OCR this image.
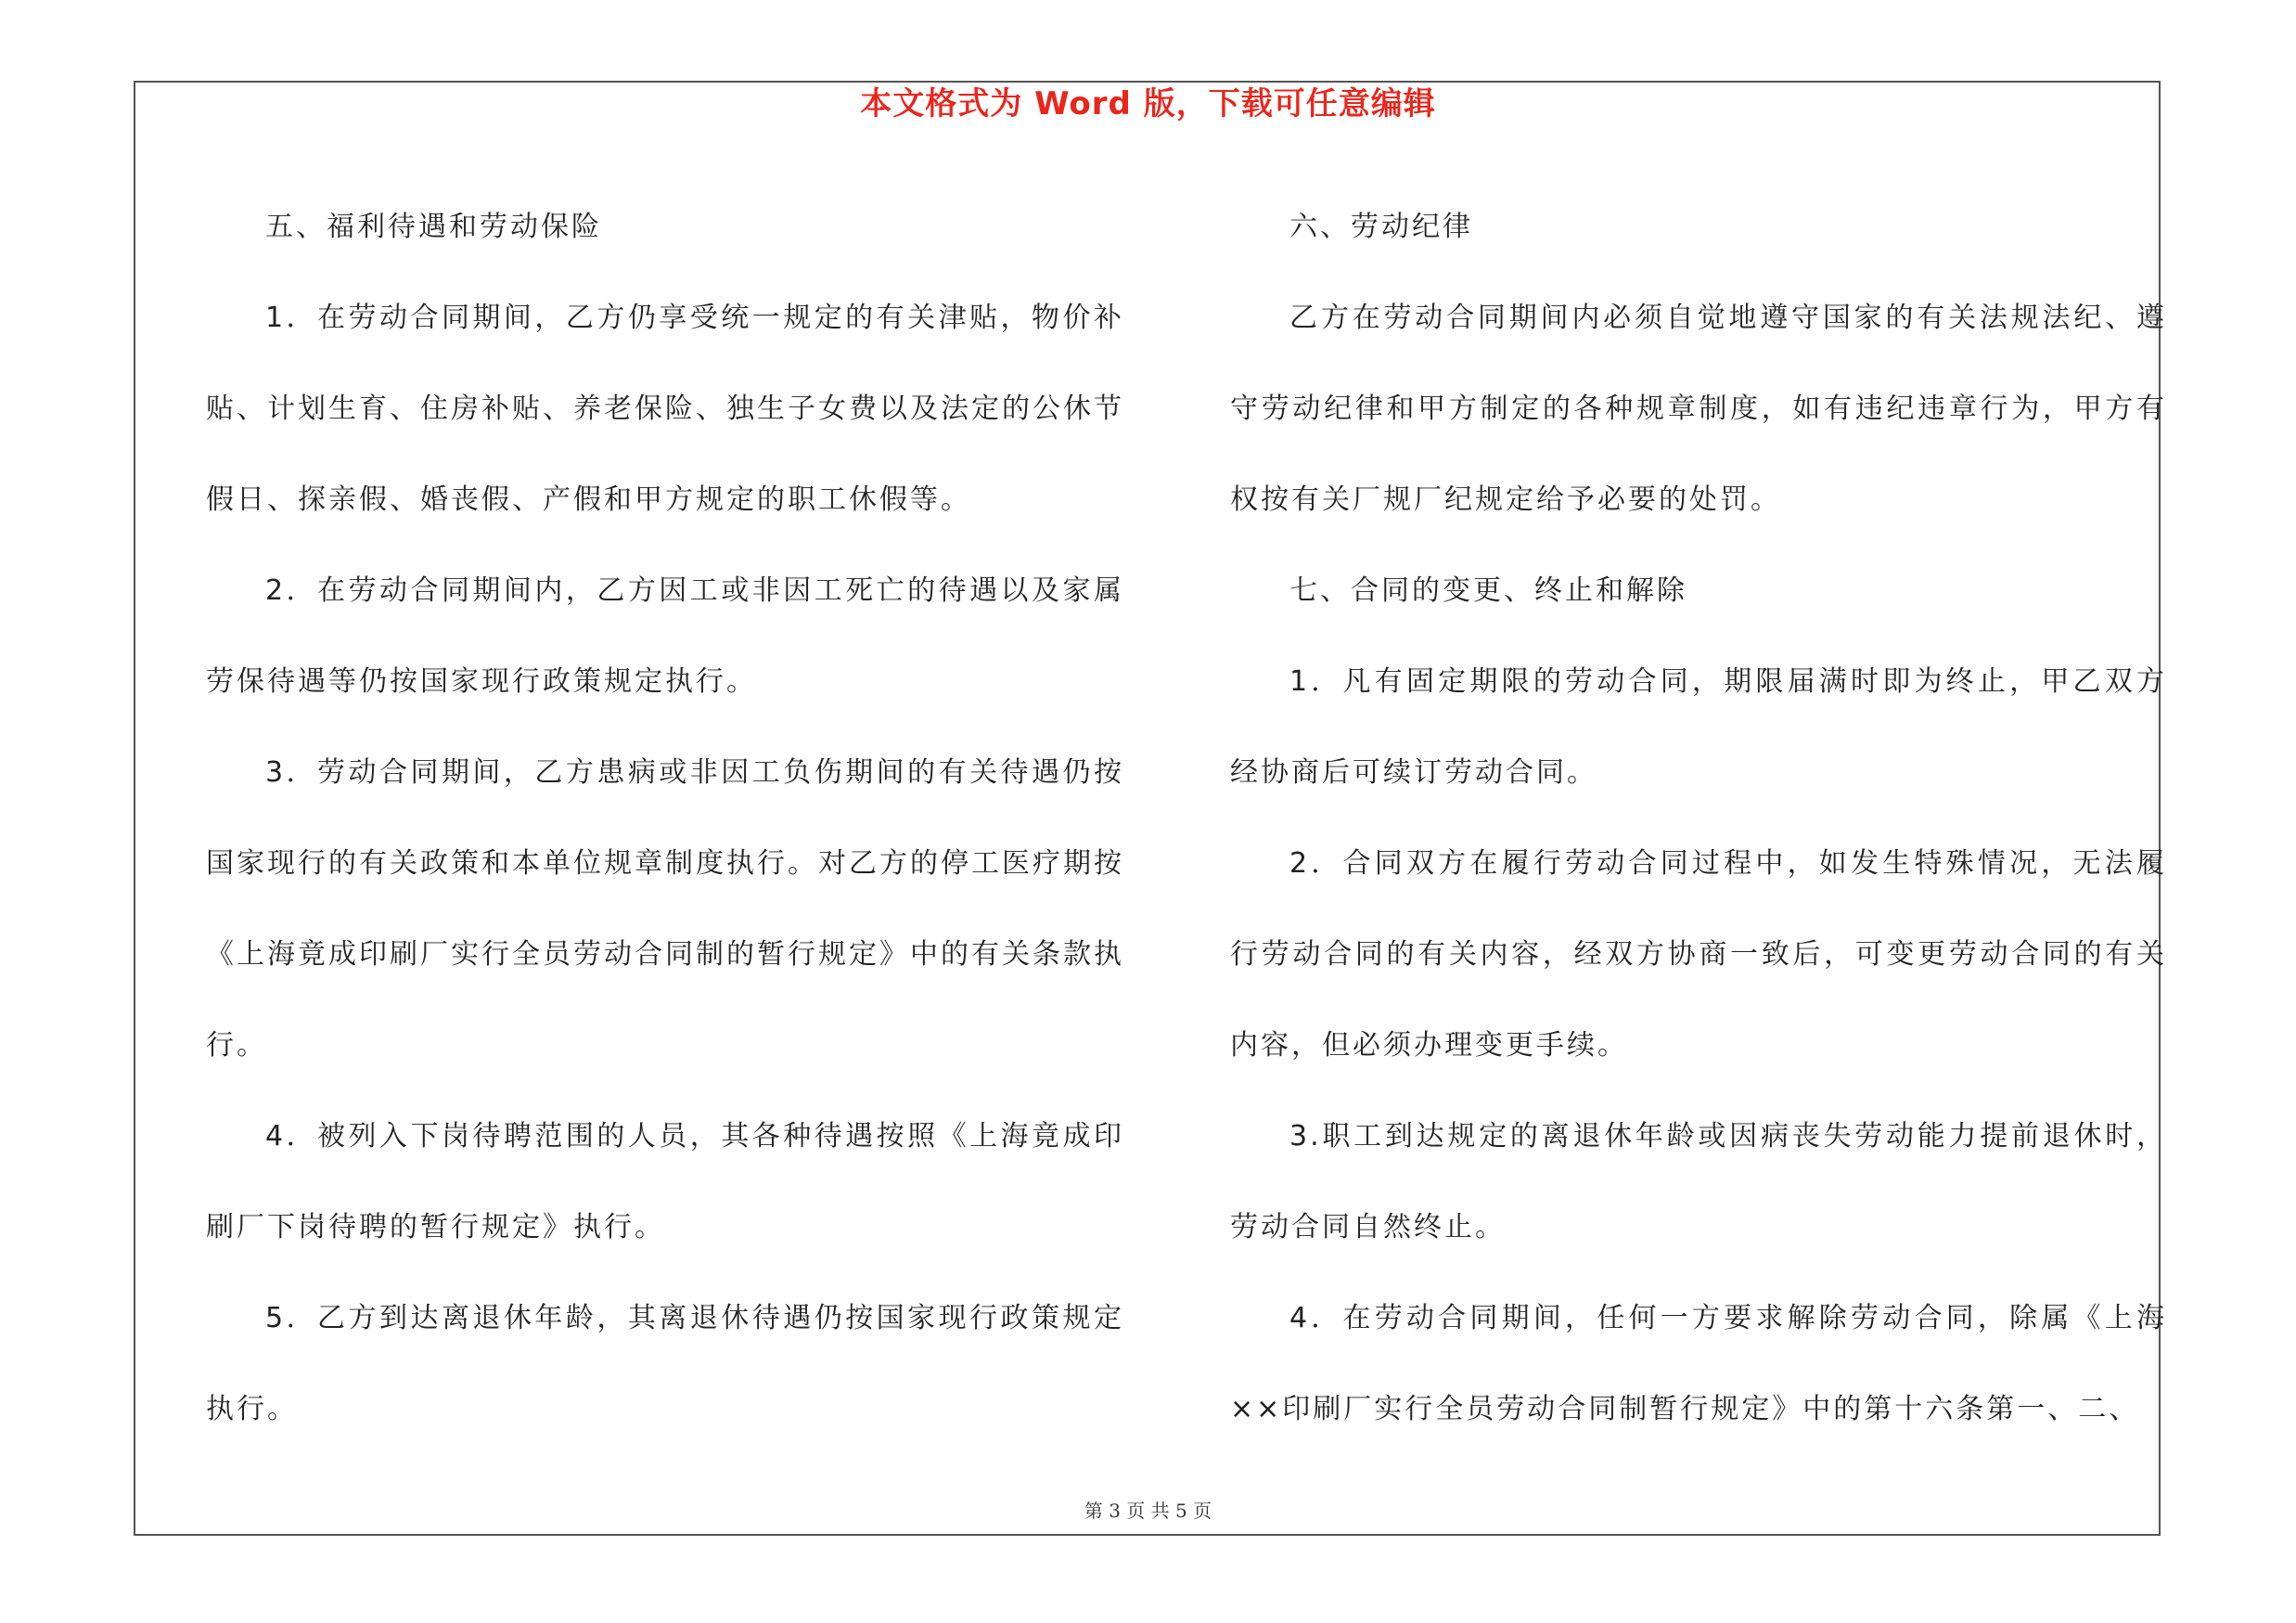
本文格式为 Word 版，下载可任意编辑

五、福利待遇和劳动保险

1．在劳动合同期间，乙方仍享受统一规定的有关津贴，物价补贴、计划生育、住房补贴、养老保险、独生子女费以及法定的公休节假日、探亲假、婚丧假、产假和甲方规定的职工休假等。

2．在劳动合同期间内，乙方因工或非因工死亡的待遇以及家属劳保待遇等仍按国家现行政策规定执行。

3．劳动合同期间，乙方患病或非因工负伤期间的有关待遇仍按国家现行的有关政策和本单位规章制度执行。对乙方的停工医疗期按《上海竟成印刷厂实行全员劳动合同制的暂行规定》中的有关条款执行。

4．被列入下岗待聘范围的人员，其各种待遇按照《上海竟成印刷厂下岗待聘的暂行规定》执行。

5．乙方到达离退休年龄，其离退休待遇仍按国家现行政策规定执行。

六、劳动纪律

乙方在劳动合同期间内必须自觉地遵守国家的有关法规法纪、遵守劳动纪律和甲方制定的各种规章制度，如有违纪违章行为，甲方有权按有关厂规厂纪规定给予必要的处罚。

七、合同的变更、终止和解除

1．凡有固定期限的劳动合同，期限届满时即为终止，甲乙双方经协商后可续订劳动合同。

2．合同双方在履行劳动合同过程中，如发生特殊情况，无法履行劳动合同的有关内容，经双方协商一致后，可变更劳动合同的有关内容，但必须办理变更手续。

3.职工到达规定的离退休年龄或因病丧失劳动能力提前退休时，劳动合同自然终止。

4．在劳动合同期间，任何一方要求解除劳动合同，除属《上海××印刷厂实行全员劳动合同制暂行规定》中的第十六条第一、二、

第 3 页 共 5 页
